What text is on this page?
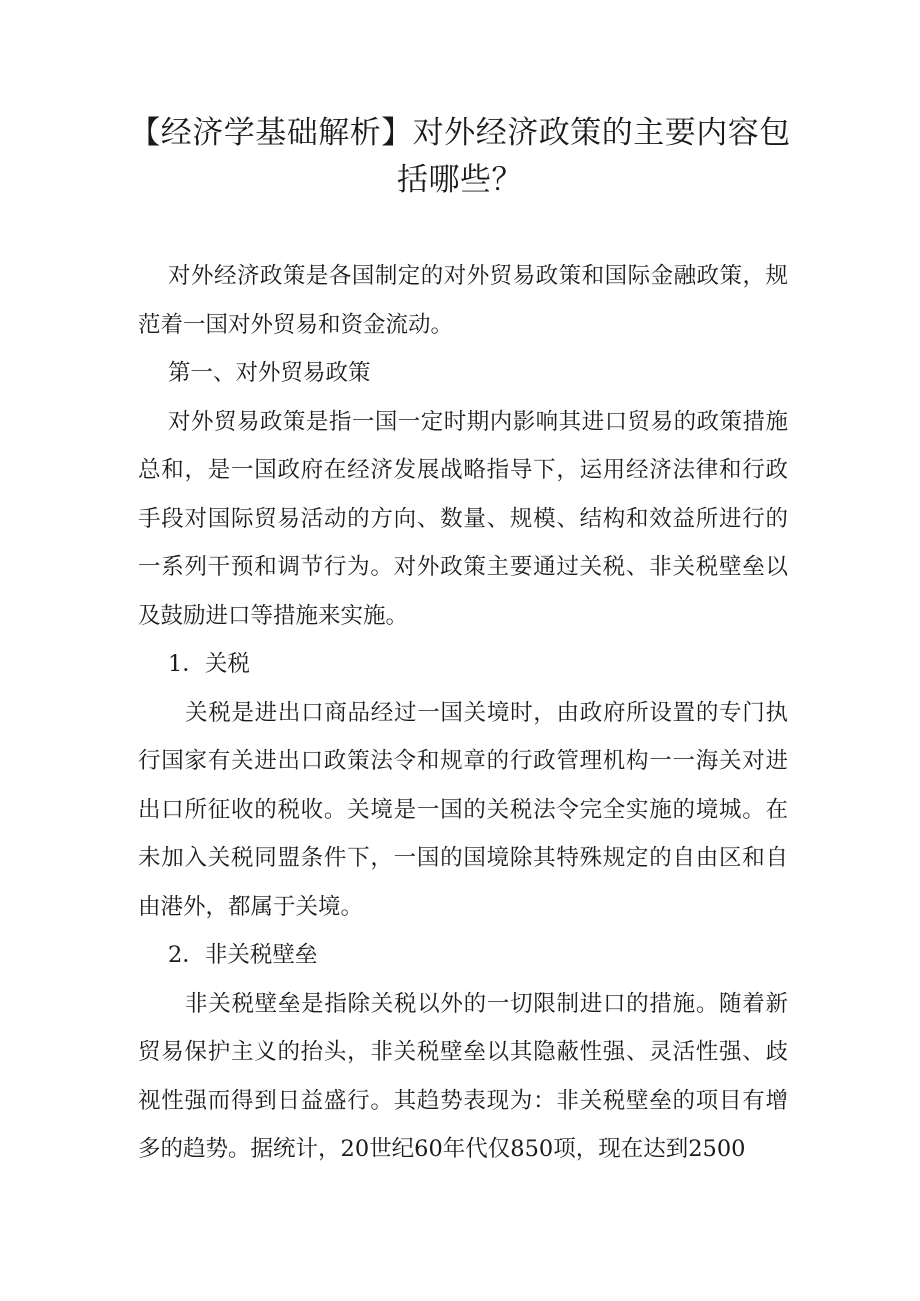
【经济学基础解析】对外经济政策的主要内容包括哪些？

对外经济政策是各国制定的对外贸易政策和国际金融政策，规范着一国对外贸易和资金流动。

第一、对外贸易政策

对外贸易政策是指一国一定时期内影响其进口贸易的政策措施总和，是一国政府在经济发展战略指导下，运用经济法律和行政手段对国际贸易活动的方向、数量、规模、结构和效益所进行的一系列干预和调节行为。对外政策主要通过关税、非关税壁垒以及鼓励进口等措施来实施。

1．关税

关税是进出口商品经过一国关境时，由政府所设置的专门执行国家有关进出口政策法令和规章的行政管理机构一一海关对进出口所征收的税收。关境是一国的关税法令完全实施的境城。在未加入关税同盟条件下，一国的国境除其特殊规定的自由区和自由港外，都属于关境。

2．非关税壁垒

非关税壁垒是指除关税以外的一切限制进口的措施。随着新贸易保护主义的抬头，非关税壁垒以其隐蔽性强、灵活性强、歧视性强而得到日益盛行。其趋势表现为：非关税壁垒的项目有增多的趋势。据统计，20世纪60年代仅850项，现在达到2500
